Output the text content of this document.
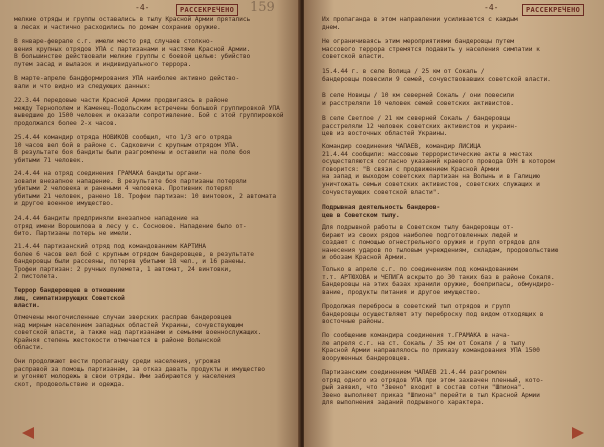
159
РАССЕКРЕЧЕНО
-4-
мелкие отряды и группы оставались в тылу Красной Армии прятались
в лесах и частично расходились по домам сохранив оружие.
В январе-феврале с.г. имели место ряд случаев столкно-
вения крупных отрядов УПА с партизанами и частями Красной Армии.
В большинстве действовали мелкие группы с боевой целью: убийство
путем засад и вылазок и индивидуального террора.
В марте-апреле бандформирования УПА наиболее активно действо-
вали и что видно из следующих данных:
22.3.44 передовые части Красной Армии продвигаясь в районе
между Тернополем и Каменец-Подольским встречены большой группировкой УПА
выведшие до 1500 человек и оказали сопротивление. Бой с этой группировкой
продолжался более 2-х часов.
25.4.44 командир отряда НОВИКОВ сообщил, что 1/3 его отряда
10 часов вел бой в районе с. Садковичи с крупным отрядом УПА.
В результате боя бандиты были разгромлены и оставили на поле боя
убитыми 71 человек.
24.4.44 на отряд соединения ГРАМАКА бандиты органи-
зовали внезапное нападение. В результате боя партизаны потеряли
убитыми 2 человека и ранеными 4 человека. Противник потерял
убитыми 21 человек, ранено 18. Трофеи партизан: 10 винтовок, 2 автомата
и другое военное имущество.
24.4.44 бандиты предприняли внезапное нападение на
отряд имени Ворошилова в лесу у с. Сосновое. Нападение было от-
бито. Партизаны потерь не имели.
21.4.44 партизанский отряд под командованием КАРТИНА
более 6 часов вел бой с крупным отрядом бандеровцев, в результате
бандеровцы были рассеяны, потеряв убитыми 18 чел., и 16 ранены.
Трофеи партизан: 2 ручных пулемета, 1 автомат, 24 винтовки,
2 пистолета.
Террор бандеровцев в отношении
лиц, симпатизирующих Советской
власти.
Отмечены многочисленные случаи зверских расправ бандеровцев
над мирным населением западных областей Украины, сочувствующим
советской власти, а также над партизанами и семьями военнослужащих.
Крайняя степень жестокости отмечается в районе Волынской
области.
Они продолжают вести пропаганду среди населения, угрожая
расправой за помощь партизанам, за отказ давать продукты и имущество
и угоняют молодежь в свои отряды. Ими забираются у населения
скот, продовольствие и одежда.
РАССЕКРЕЧЕНО
-4-
Их пропаганда в этом направлении усиливается с каждым
днем.
Не ограничиваясь этим мероприятиями бандеровцы путем
массового террора стремятся подавить у населения симпатии к
советской власти.
15.4.44 г. в селе Волица / 25 км от Сокаль /
бандеровцы повесили 9 семей, сочувствовавших советской власти.
В селе Новицы / 10 км северней Сокаль / они повесили
и расстреляли 10 человек семей советских активистов.
В селе Светлое / 21 км северней Сокаль / бандеровцы
расстреляли 12 человек советских активистов и украин-
цев из восточных областей Украины.
Командир соединения ЧАПАЕВ, командир ЛИСИЦА
21.4.44 сообщили: массовые террористические акты в местах
осуществляются согласно указаний краевого провода ОУН в котором
говорится: "В связи с продвижением Красной Армии
на запад и выходом советских партизан на Волынь и в Галицию
уничтожать семьи советских активистов, советских служащих и
сочувствующих советской власти".
Подрывная деятельность бандеров-
цев в Советском тылу.
Для подрывной работы в Советском тылу бандеровцы от-
бирают из своих рядов наиболее подготовленных людей и
создают с помощью огнестрельного оружия и групп отрядов для
нанесения ударов по тыловым учреждениям, складам, продовольствию
и обозам Красной Армии.
Только в апреле с.г. по соединениям под командованием
т.т. АРТЮХОВА и ЧЕПИГА вскрыто до 30 таких баз в районе Сокаля.
Бандеровцы на этих базах хранили оружие, боеприпасы, обмундиро-
вание, продукты питания и другое имущество.
Продолжая перебросы в советский тыл отрядов и групп
бандеровцы осуществляют эту переброску под видом отходящих в
восточные районы.
По сообщению командира соединения т.ГРАМАКА в нача-
ле апреля с.г. на ст. Сокаль / 35 км от Сокаля / в тылу
Красной Армии направлялось по приказу командования УПА 1500
вооруженных бандеровцев.
Партизанским соединением ЧАПАЕВ 21.4.44 разгромлен
отряд одного из отрядов УПА при этом захвачен пленный, кото-
рый заявил, что "Звено" входит в состав сотни "Шпиона".
Звено выполняет приказ "Шпиона" перейти в тыл Красной Армии
для выполнения заданий подрывного характера.
